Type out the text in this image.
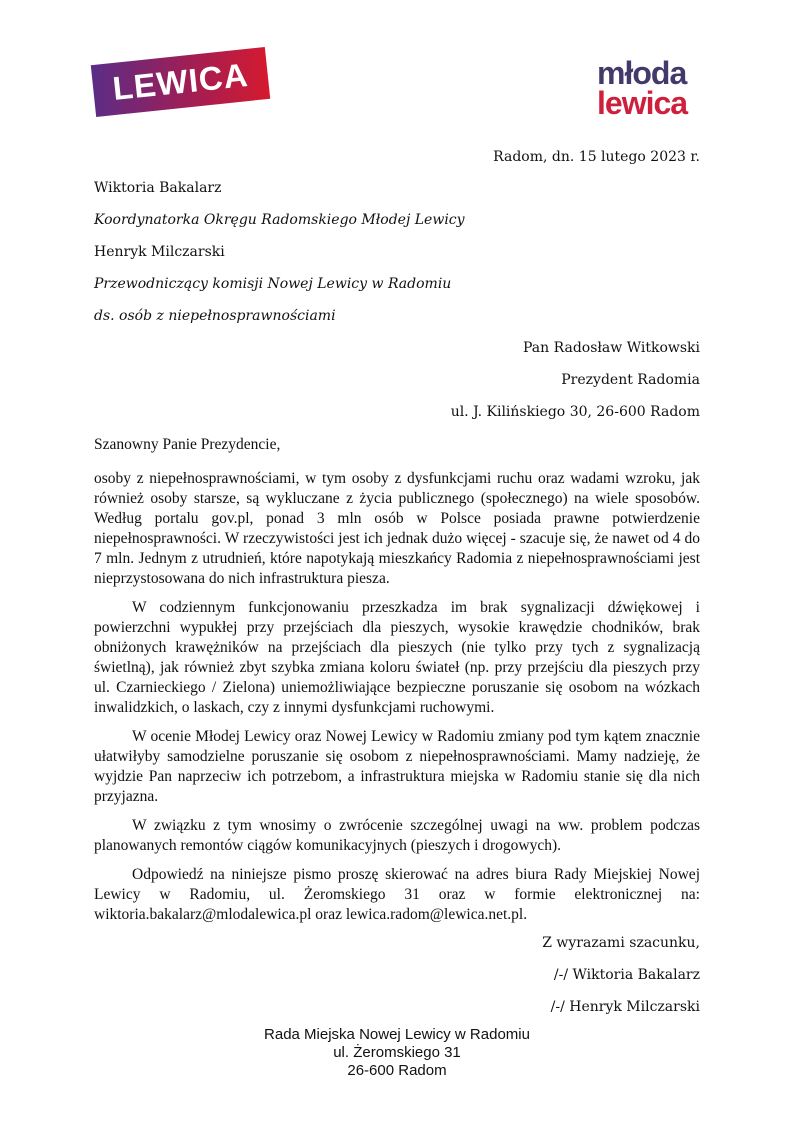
LEWICA	młoda
lewica
Radom, dn. 15 lutego 2023 r.
Wiktoria Bakalarz
Koordynatorka Okręgu Radomskiego Młodej Lewicy
Henryk Milczarski
Przewodniczący komisji Nowej Lewicy w Radomiu
ds. osób z niepełnosprawnościami
Pan Radosław Witkowski
Prezydent Radomia
ul. J. Kilińskiego 30, 26-600 Radom

Szanowny Panie Prezydencie,

osoby z niepełnosprawnościami, w tym osoby z dysfunkcjami ruchu oraz wadami wzroku, jak również osoby starsze, są wykluczane z życia publicznego (społecznego) na wiele sposobów. Według portalu gov.pl, ponad 3 mln osób w Polsce posiada prawne potwierdzenie niepełnosprawności. W rzeczywistości jest ich jednak dużo więcej - szacuje się, że nawet od 4 do 7 mln. Jednym z utrudnień, które napotykają mieszkańcy Radomia z niepełnosprawnościami jest nieprzystosowana do nich infrastruktura piesza.

W codziennym funkcjonowaniu przeszkadza im brak sygnalizacji dźwiękowej i powierzchni wypukłej przy przejściach dla pieszych, wysokie krawędzie chodników, brak obniżonych krawężników na przejściach dla pieszych (nie tylko przy tych z sygnalizacją świetlną), jak również zbyt szybka zmiana koloru świateł (np. przy przejściu dla pieszych przy ul. Czarnieckiego / Zielona) uniemożliwiające bezpieczne poruszanie się osobom na wózkach inwalidzkich, o laskach, czy z innymi dysfunkcjami ruchowymi.

W ocenie Młodej Lewicy oraz Nowej Lewicy w Radomiu zmiany pod tym kątem znacznie ułatwiłyby samodzielne poruszanie się osobom z niepełnosprawnościami. Mamy nadzieję, że wyjdzie Pan naprzeciw ich potrzebom, a infrastruktura miejska w Radomiu stanie się dla nich przyjazna.

W związku z tym wnosimy o zwrócenie szczególnej uwagi na ww. problem podczas planowanych remontów ciągów komunikacyjnych (pieszych i drogowych).

Odpowiedź na niniejsze pismo proszę skierować na adres biura Rady Miejskiej Nowej Lewicy w Radomiu, ul. Żeromskiego 31 oraz w formie elektronicznej na: wiktoria.bakalarz@mlodalewica.pl oraz lewica.radom@lewica.net.pl.

Z wyrazami szacunku,
/-/ Wiktoria Bakalarz
/-/ Henryk Milczarski
Rada Miejska Nowej Lewicy w Radomiu
ul. Żeromskiego 31
26-600 Radom
